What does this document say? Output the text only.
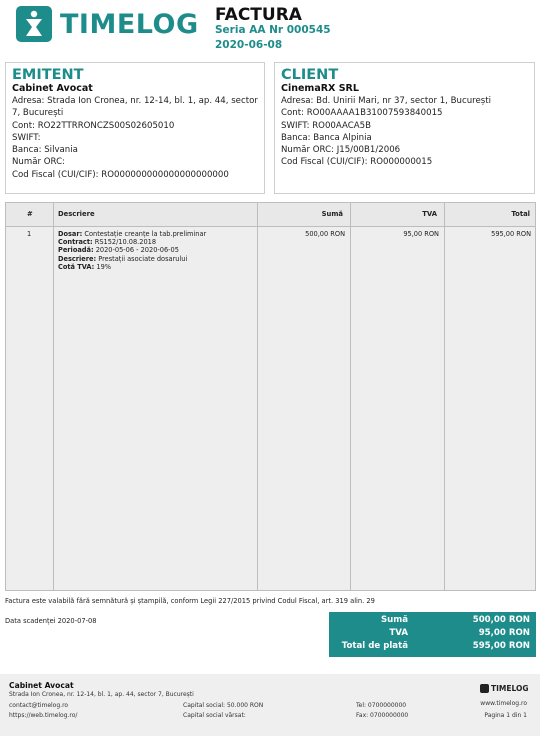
TIMELOG FACTURA
Seria AA Nr 000545
2020-06-08
EMITENT
Cabinet Avocat
Adresa: Strada Ion Cronea, nr. 12-14, bl. 1, ap. 44, sector
7, București
Cont: RO22TTRRONCZS00S02605010
SWIFT:
Banca: Silvania
Număr ORC:
Cod Fiscal (CUI/CIF): RO000000000000000000000
CLIENT
CinemaRX SRL
Adresa: Bd. Unirii Mari, nr 37, sector 1, București
Cont: RO00AAAA1B31007593840015
SWIFT: RO00AACA5B
Banca: Banca Alpinia
Număr ORC: J15/00B1/2006
Cod Fiscal (CUI/CIF): RO000000015
#	Descriere	Sumă	TVA	Total
1	Dosar: Contestație creanțe la tab.preliminar
Contract: RS152/10.08.2018
Perioadă: 2020-05-06 - 2020-06-05
Descriere: Prestații asociate dosarului
Cotă TVA: 19%
500,00 RON	95,00 RON	595,00 RON
Factura este valabilă fără semnătură și ștampilă, conform Legii 227/2015 privind Codul Fiscal, art. 319 alin. 29
Data scadenței 2020-07-08	Sumă	500,00 RON
TVA	95,00 RON
Total de plată	595,00 RON
Cabinet Avocat
Strada Ion Cronea, nr. 12-14, bl. 1, ap. 44, sector 7, București
contact@timelog.ro
https://web.timelog.ro/
Capital social: 50.000 RON
Capital social vărsat:
Tel: 0700000000
Fax: 0700000000
TIMELOG
www.timelog.ro
Pagina 1 din 1
